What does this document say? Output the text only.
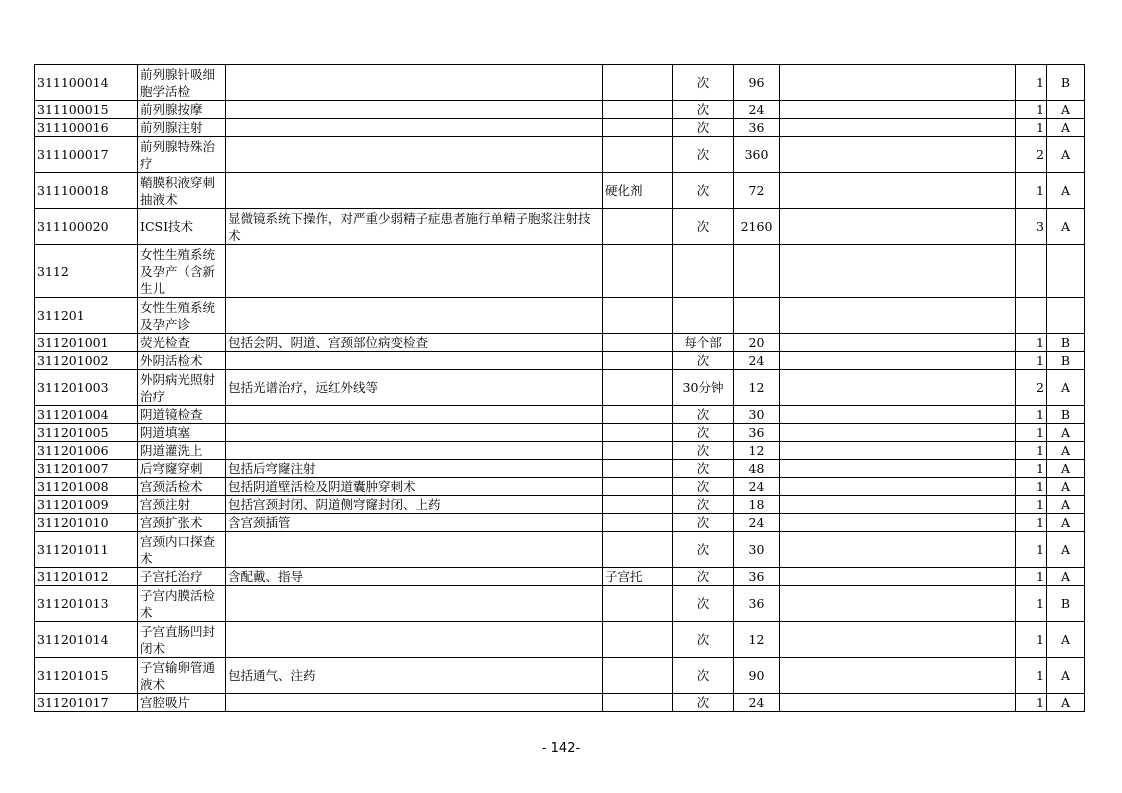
311100014	前列腺针吸细胞学活检			次	96		1	B
311100015	前列腺按摩			次	24		1	A
311100016	前列腺注射			次	36		1	A
311100017	前列腺特殊治疗			次	360		2	A
311100018	鞘膜积液穿刺抽液术		硬化剂	次	72		1	A
311100020	ICSI技术	显微镜系统下操作，对严重少弱精子症患者施行单精子胞浆注射技术		次	2160		3	A
3112	女性生殖系统及孕产（含新生儿							
311201	女性生殖系统及孕产诊							
311201001	荧光检查	包括会阴、阴道、宫颈部位病变检查		每个部	20		1	B
311201002	外阴活检术			次	24		1	B
311201003	外阴病光照射治疗	包括光谱治疗，远红外线等		30分钟	12		2	A
311201004	阴道镜检查			次	30		1	B
311201005	阴道填塞			次	36		1	A
311201006	阴道灌洗上			次	12		1	A
311201007	后穹窿穿刺	包括后穹窿注射		次	48		1	A
311201008	宫颈活检术	包括阴道壁活检及阴道囊肿穿刺术		次	24		1	A
311201009	宫颈注射	包括宫颈封闭、阴道侧穹窿封闭、上药		次	18		1	A
311201010	宫颈扩张术	含宫颈插管		次	24		1	A
311201011	宫颈内口探查术			次	30		1	A
311201012	子宫托治疗	含配戴、指导	子宫托	次	36		1	A
311201013	子宫内膜活检术			次	36		1	B
311201014	子宫直肠凹封闭术			次	12		1	A
311201015	子宫输卵管通液术	包括通气、注药		次	90		1	A
311201017	宫腔吸片			次	24		1	A
- 142-
